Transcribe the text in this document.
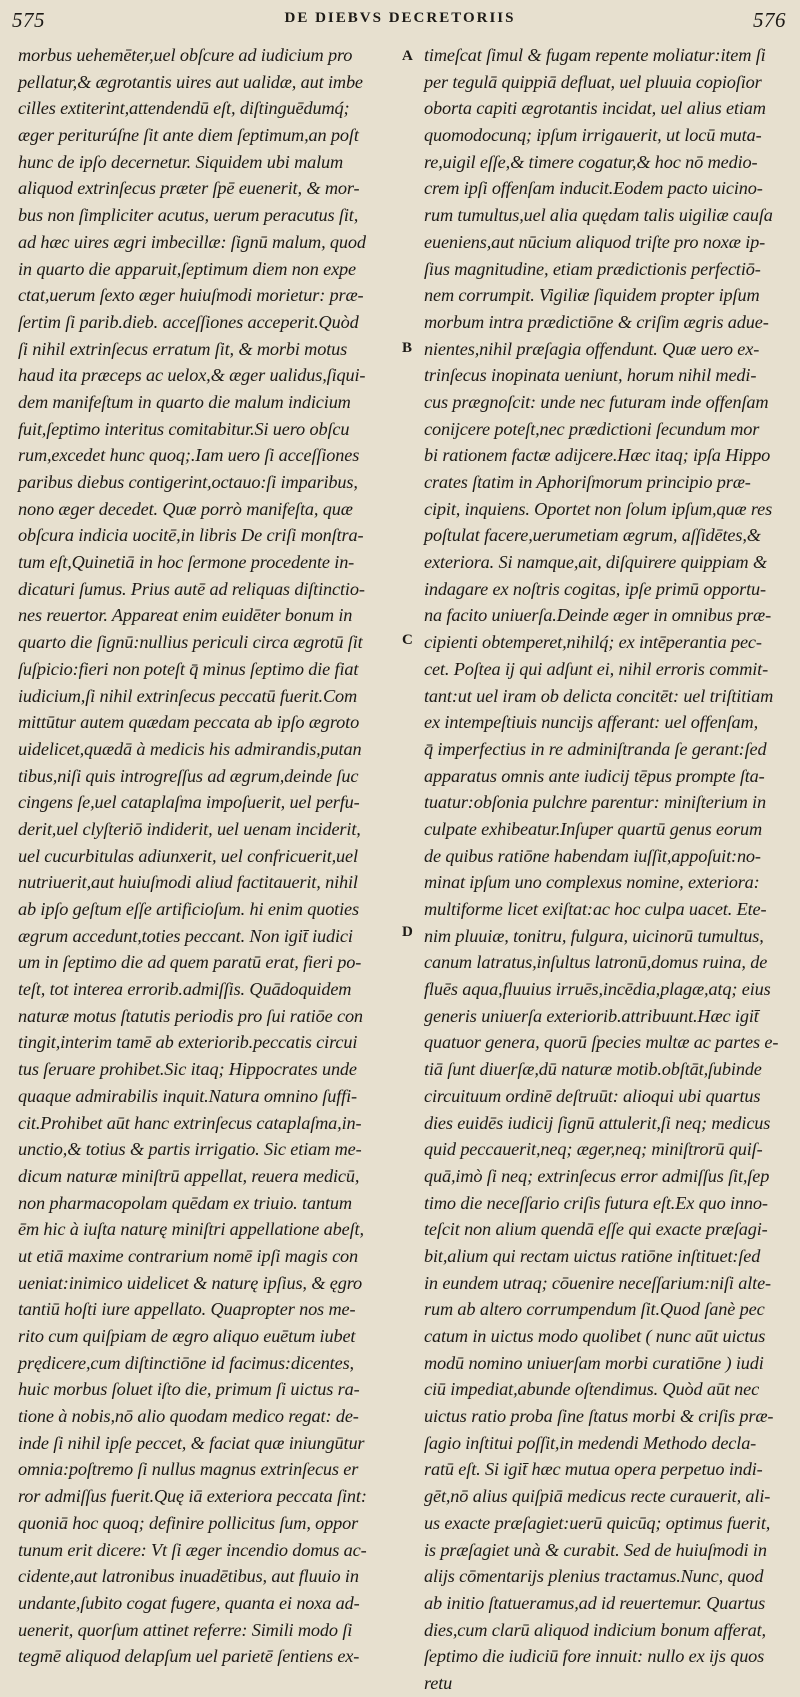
575	DE DIEBVS DECRETORIIS	576
morbus uehemēter,uel obſcure ad iudicium pro
pellatur,& ægrotantis uires aut ualidæ, aut imbe
cilles extiterint,attendendū eſt, diſtinguēdumq́;
æger periturúſne ſit ante diem ſeptimum,an poſt
hunc de ipſo decernetur. Siquidem ubi malum
aliquod extrinſecus præter ſpē euenerit, & mor-
bus non ſimpliciter acutus, uerum peracutus ſit,
ad hæc uires ægri imbecillæ: ſignū malum, quod
in quarto die apparuit,ſeptimum diem non expe
ctat,uerum ſexto æger huiuſmodi morietur: præ-
ſertim ſi parib.dieb. acceſſiones acceperit.Quòd
ſi nihil extrinſecus erratum ſit, & morbi motus
haud ita præceps ac uelox,& æger ualidus,ſiqui-
dem manifeſtum in quarto die malum indicium
fuit,ſeptimo interitus comitabitur.Si uero obſcu
rum,excedet hunc quoq;.Iam uero ſi acceſſiones
paribus diebus contigerint,octauo:ſi imparibus,
nono æger decedet. Quæ porrò manifeſta, quæ
obſcura indicia uocitē,in libris De criſi monſtra-
tum eſt,Quinetiā in hoc ſermone procedente in-
dicaturi ſumus. Prius autē ad reliquas diſtinctio-
nes reuertor. Appareat enim euidēter bonum in
quarto die ſignū:nullius periculi circa ægrotū ſit
ſuſpicio:fieri non poteſt q̄ minus ſeptimo die fiat
iudicium,ſi nihil extrinſecus peccatū fuerit.Com
mittūtur autem quædam peccata ab ipſo ægroto
uidelicet,quædā à medicis his admirandis,putan
tibus,niſi quis introgreſſus ad ægrum,deinde ſuc
cingens ſe,uel cataplaſma impoſuerit, uel perfu-
derit,uel clyſteriō indiderit, uel uenam inciderit,
uel cucurbitulas adiunxerit, uel confricuerit,uel
nutriuerit,aut huiuſmodi aliud factitauerit, nihil
ab ipſo geſtum eſſe artificioſum. hi enim quoties
ægrum accedunt,toties peccant. Non igit̄ iudici
um in ſeptimo die ad quem paratū erat, fieri po-
teſt, tot interea errorib.admiſſis. Quādoquidem
naturæ motus ſtatutis periodis pro ſui ratiōe con
tingit,interim tamē ab exteriorib.peccatis circui
tus ſeruare prohibet.Sic itaq; Hippocrates unde
quaque admirabilis inquit.Natura omnino ſuffi-
cit.Prohibet aūt hanc extrinſecus cataplaſma,in-
unctio,& totius & partis irrigatio. Sic etiam me-
dicum naturæ miniſtrū appellat, reuera medicū,
non pharmacopolam quēdam ex triuio. tantum
ēm hic à iuſta naturę miniſtri appellatione abeſt,
ut etiā maxime contrarium nomē ipſi magis con
ueniat:inimico uidelicet & naturę ipſius, & ęgro
tantiū hoſti iure appellato. Quapropter nos me-
rito cum quiſpiam de ægro aliquo euētum iubet
prędicere,cum diſtinctiōne id facimus:dicentes,
huic morbus ſoluet iſto die, primum ſi uictus ra-
tione à nobis,nō alio quodam medico regat: de-
inde ſi nihil ipſe peccet, & faciat quæ iniungūtur
omnia:poſtremo ſi nullus magnus extrinſecus er
ror admiſſus fuerit.Quę iā exteriora peccata ſint:
quoniā hoc quoq; definire pollicitus ſum, oppor
tunum erit dicere: Vt ſi æger incendio domus ac-
cidente,aut latronibus inuadētibus, aut fluuio in
undante,ſubito cogat fugere, quanta ei noxa ad-
uenerit, quorſum attinet referre: Simili modo ſi
tegmē aliquod delapſum uel parietē ſentiens ex-
A
B
C
D
timeſcat ſimul & fugam repente moliatur:item ſi
per tegulā quippiā defluat, uel pluuia copioſior
oborta capiti ægrotantis incidat, uel alius etiam
quomodocunq; ipſum irrigauerit, ut locū muta-
re,uigil eſſe,& timere cogatur,& hoc nō medio-
crem ipſi offenſam inducit.Eodem pacto uicino-
rum tumultus,uel alia quędam talis uigiliæ cauſa
eueniens,aut nūcium aliquod triſte pro noxæ ip-
ſius magnitudine, etiam prædictionis perfectiō-
nem corrumpit. Vigiliæ ſiquidem propter ipſum
morbum intra prædictiōne & criſim ægris adue-
nientes,nihil præſagia offendunt. Quæ uero ex-
trinſecus inopinata ueniunt, horum nihil medi-
cus prægnoſcit: unde nec futuram inde offenſam
conijcere poteſt,nec prædictioni ſecundum mor
bi rationem factæ adijcere.Hæc itaq; ipſa Hippo
crates ſtatim in Aphoriſmorum principio præ-
cipit, inquiens. Oportet non ſolum ipſum,quæ res
poſtulat facere,uerumetiam ægrum, aſſidētes,&
exteriora. Si namque,ait, diſquirere quippiam &
indagare ex noſtris cogitas, ipſe primū opportu-
na facito uniuerſa.Deinde æger in omnibus præ-
cipienti obtemperet,nihilq́; ex intēperantia pec-
cet. Poſtea ij qui adſunt ei, nihil erroris commit-
tant:ut uel iram ob delicta concitēt: uel triſtitiam
ex intempeſtiuis nuncijs afferant: uel offenſam,
q̄ imperfectius in re adminiſtranda ſe gerant:ſed
apparatus omnis ante iudicij tēpus prompte ſta-
tuatur:obſonia pulchre parentur: miniſterium in
culpate exhibeatur.Inſuper quartū genus eorum
de quibus ratiōne habendam iuſſit,appoſuit:no-
minat ipſum uno complexus nomine, exteriora:
multiforme licet exiſtat:ac hoc culpa uacet. Ete-
nim pluuiæ, tonitru, fulgura, uicinorū tumultus,
canum latratus,inſultus latronū,domus ruina, de
fluēs aqua,fluuius irruēs,incēdia,plagæ,atq; eius
generis uniuerſa exteriorib.attribuunt.Hæc igit̄
quatuor genera, quorū ſpecies multæ ac partes e-
tiā ſunt diuerſæ,dū naturæ motib.obſtāt,ſubinde
circuituum ordinē deſtruūt: alioqui ubi quartus
dies euidēs iudicij ſignū attulerit,ſi neq; medicus
quid peccauerit,neq; æger,neq; miniſtrorū quiſ-
quā,imò ſi neq; extrinſecus error admiſſus ſit,ſep
timo die neceſſario criſis futura eſt.Ex quo inno-
teſcit non alium quendā eſſe qui exacte præſagi-
bit,alium qui rectam uictus ratiōne inſtituet:ſed
in eundem utraq; cōuenire neceſſarium:niſi alte-
rum ab altero corrumpendum ſit.Quod ſanè pec
catum in uictus modo quolibet ( nunc aūt uictus
modū nomino uniuerſam morbi curatiōne ) iudi
ciū impediat,abunde oſtendimus. Quòd aūt nec
uictus ratio proba ſine ſtatus morbi & criſis præ-
ſagio inſtitui poſſit,in medendi Methodo decla-
ratū eſt. Si igit̄ hæc mutua opera perpetuo indi-
gēt,nō alius quiſpiā medicus recte curauerit, ali-
us exacte præſagiet:uerū quicūq; optimus fuerit,
is præſagiet unà & curabit. Sed de huiuſmodi in
alijs cōmentarijs plenius tractamus.Nunc, quod
ab initio ſtatueramus,ad id reuertemur. Quartus
dies,cum clarū aliquod indicium bonum afferat,
ſeptimo die iudiciū fore innuit: nullo ex ijs quos
retu
